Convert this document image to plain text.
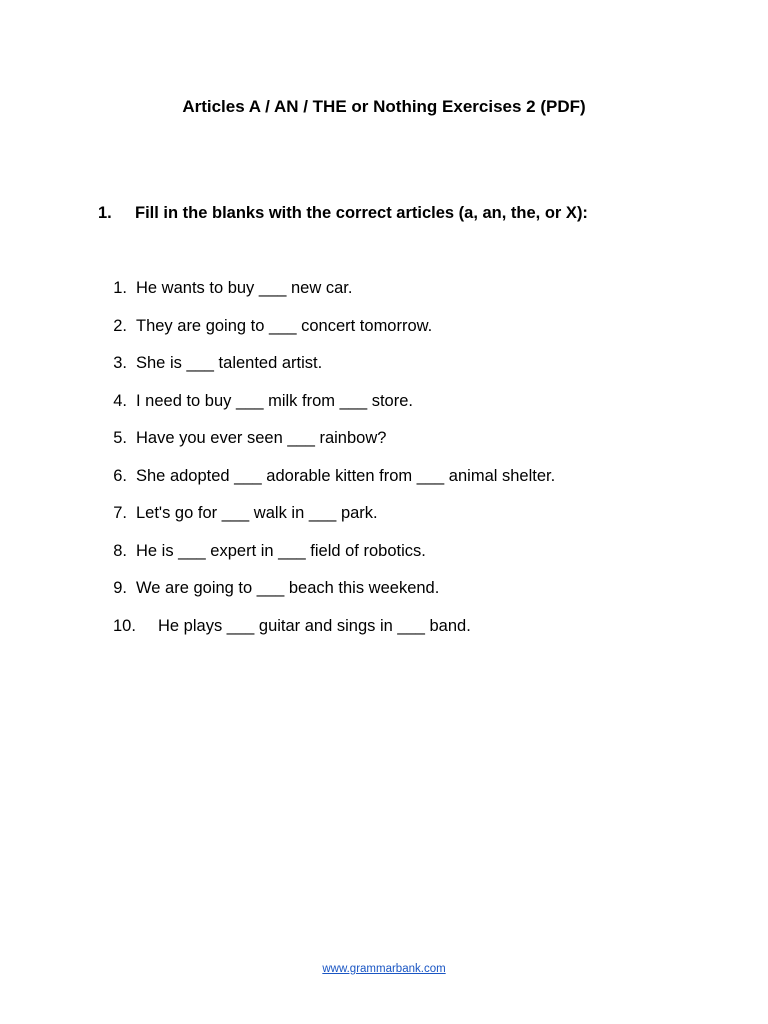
Articles A / AN / THE or Nothing Exercises 2 (PDF)
1. Fill in the blanks with the correct articles (a, an, the, or X):
1. He wants to buy ___ new car.
2. They are going to ___ concert tomorrow.
3. She is ___ talented artist.
4. I need to buy ___ milk from ___ store.
5. Have you ever seen ___ rainbow?
6. She adopted ___ adorable kitten from ___ animal shelter.
7. Let's go for ___ walk in ___ park.
8. He is ___ expert in ___ field of robotics.
9. We are going to ___ beach this weekend.
10. He plays ___ guitar and sings in ___ band.
www.grammarbank.com
